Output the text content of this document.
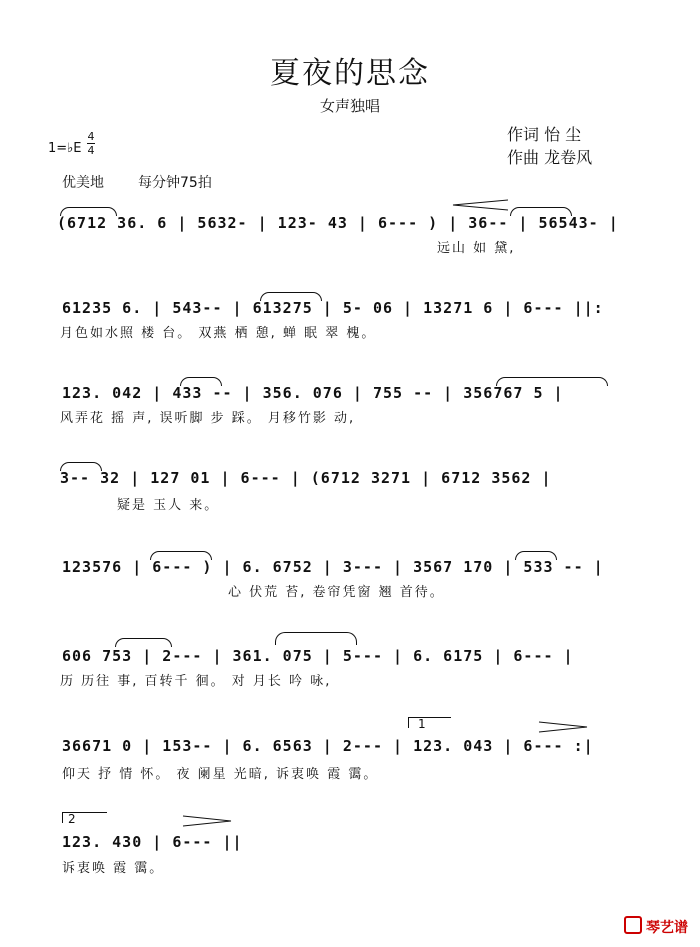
夏夜的思念
女声独唱
作词 怡 尘
作曲 龙卷风
1=♭E
4
4
优美地 每分钟75拍
(6712 36. 6 | 5632- | 123- 43 | 6--- ) | 36-- | 56543- |
远山 如 黛,
61235 6. | 543-- | 613275 | 5- 06 | 13271 6 | 6--- ||:
月色如水照 楼 台。 双燕 栖 憩, 蝉 眠 翠 槐。
123. 042 | 433 -- | 356. 076 | 755 -- | 356767 5 |
风弄花 摇 声, 误听脚 步 踩。 月移竹影 动,
3-- 32 | 127 01 | 6--- | (6712 3271 | 6712 3562 |
疑是 玉人 来。
123576 | 6--- ) | 6. 6752 | 3--- | 3567 170 | 533 -- |
心 伏荒 苔, 卷帘凭窗 翘 首待。
606 753 | 2--- | 361. 075 | 5--- | 6. 6175 | 6--- |
历 历往 事, 百转千 徊。 对 月长 吟 咏,
1
36671 0 | 153-- | 6. 6563 | 2--- | 123. 043 | 6--- :|
仰天 抒 情 怀。 夜 阑星 光暗, 诉衷唤 霞 霭。
2
123. 430 | 6--- ||
诉衷唤 霞 霭。
琴艺谱
